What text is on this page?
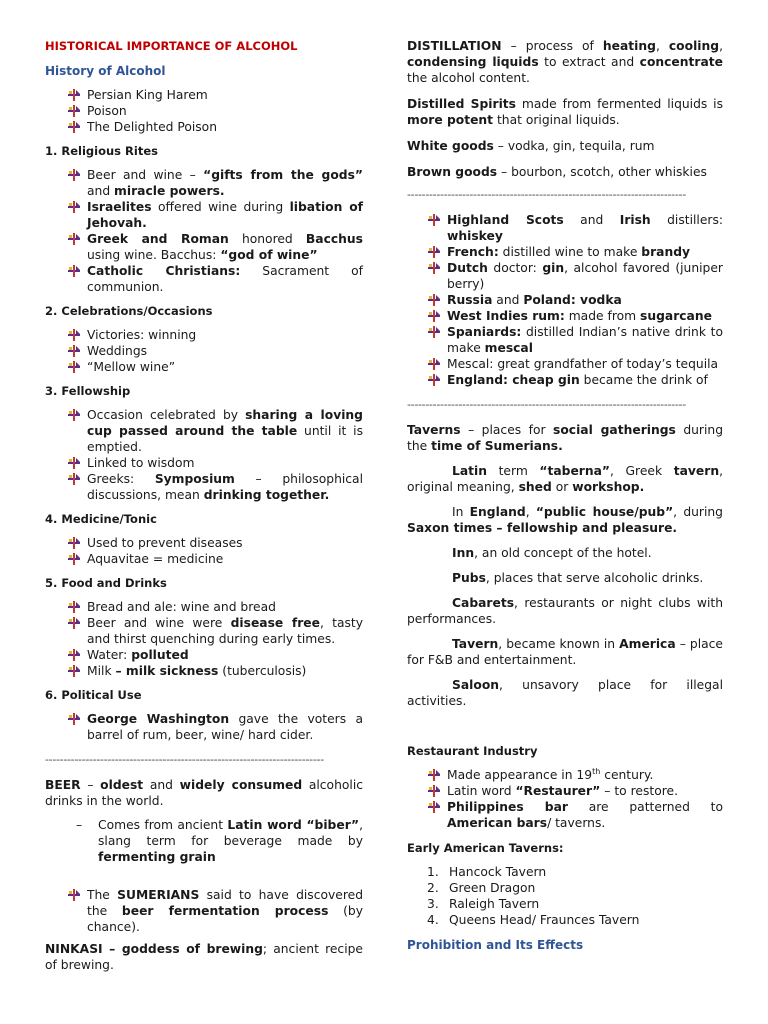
HISTORICAL IMPORTANCE OF ALCOHOL
History of Alcohol
Persian King Harem
Poison
The Delighted Poison
1. Religious Rites
Beer and wine – “gifts from the gods” and miracle powers.
Israelites offered wine during libation of Jehovah.
Greek and Roman honored Bacchus using wine. Bacchus: “god of wine”
Catholic Christians: Sacrament of communion.
2. Celebrations/Occasions
Victories: winning
Weddings
“Mellow wine”
3. Fellowship
Occasion celebrated by sharing a loving cup passed around the table until it is emptied.
Linked to wisdom
Greeks: Symposium – philosophical discussions, mean drinking together.
4. Medicine/Tonic
Used to prevent diseases
Aquavitae = medicine
5. Food and Drinks
Bread and ale: wine and bread
Beer and wine were disease free, tasty and thirst quenching during early times.
Water: polluted
Milk – milk sickness (tuberculosis)
6. Political Use
George Washington gave the voters a barrel of rum, beer, wine/ hard cider.
----------------------------------------------------------------------------

BEER – oldest and widely consumed alcoholic drinks in the world.

– Comes from ancient Latin word “biber”, slang term for beverage made by fermenting grain
The SUMERIANS said to have discovered the beer fermentation process (by chance).

NINKASI – goddess of brewing; ancient recipe of brewing.

DISTILLATION – process of heating, cooling, condensing liquids to extract and concentrate the alcohol content.

Distilled Spirits made from fermented liquids is more potent that original liquids.

White goods – vodka, gin, tequila, rum

Brown goods – bourbon, scotch, other whiskies

----------------------------------------------------------------------------
Highland Scots and Irish distillers: whiskey
French: distilled wine to make brandy
Dutch doctor: gin, alcohol favored (juniper berry)
Russia and Poland: vodka
West Indies rum: made from sugarcane
Spaniards: distilled Indian’s native drink to make mescal
Mescal: great grandfather of today’s tequila
England: cheap gin became the drink of
----------------------------------------------------------------------------

Taverns – places for social gatherings during the time of Sumerians.

Latin term “taberna”, Greek tavern, original meaning, shed or workshop.

In England, “public house/pub”, during Saxon times – fellowship and pleasure.

Inn, an old concept of the hotel.

Pubs, places that serve alcoholic drinks.

Cabarets, restaurants or night clubs with performances.

Tavern, became known in America – place for F&B and entertainment.

Saloon, unsavory place for illegal activities.

Restaurant Industry
Made appearance in 19th century.
Latin word “Restaurer” – to restore.
Philippines bar are patterned to American bars/ taverns.
Early American Taverns:
1. Hancock Tavern
2. Green Dragon
3. Raleigh Tavern
4. Queens Head/ Fraunces Tavern
Prohibition and Its Effects
